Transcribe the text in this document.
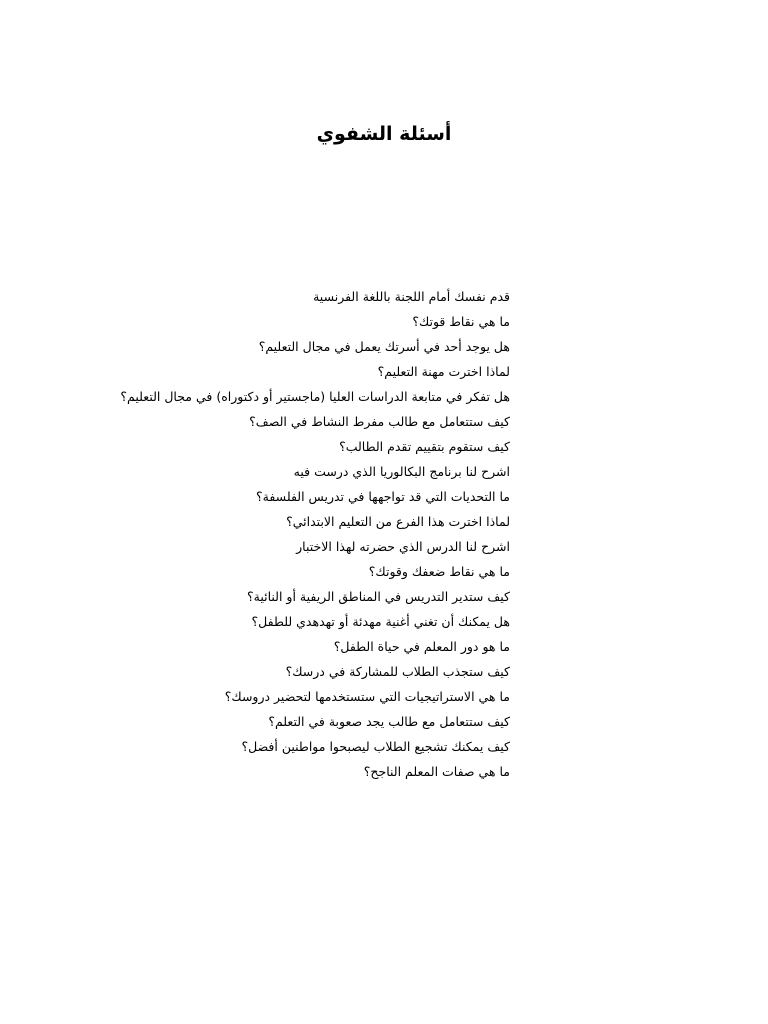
أسئلة الشفوي
قدم نفسك أمام اللجنة باللغة الفرنسية
ما هي نقاط قوتك؟
هل يوجد أحد في أسرتك يعمل في مجال التعليم؟
لماذا اخترت مهنة التعليم؟
هل تفكر في متابعة الدراسات العليا (ماجستير أو دكتوراه) في مجال التعليم؟
كيف ستتعامل مع طالب مفرط النشاط في الصف؟
كيف ستقوم بتقييم تقدم الطالب؟
اشرح لنا برنامج البكالوريا الذي درست فيه
ما التحديات التي قد تواجهها في تدريس الفلسفة؟
لماذا اخترت هذا الفرع من التعليم الابتدائي؟
اشرح لنا الدرس الذي حضرته لهذا الاختبار
ما هي نقاط ضعفك وقوتك؟
كيف ستدير التدريس في المناطق الريفية أو النائية؟
هل يمكنك أن تغني أغنية مهدئة أو تهدهدي للطفل؟
ما هو دور المعلم في حياة الطفل؟
كيف ستجذب الطلاب للمشاركة في درسك؟
ما هي الاستراتيجيات التي ستستخدمها لتحضير دروسك؟
كيف ستتعامل مع طالب يجد صعوبة في التعلم؟
كيف يمكنك تشجيع الطلاب ليصبحوا مواطنين أفضل؟
ما هي صفات المعلم الناجح؟
